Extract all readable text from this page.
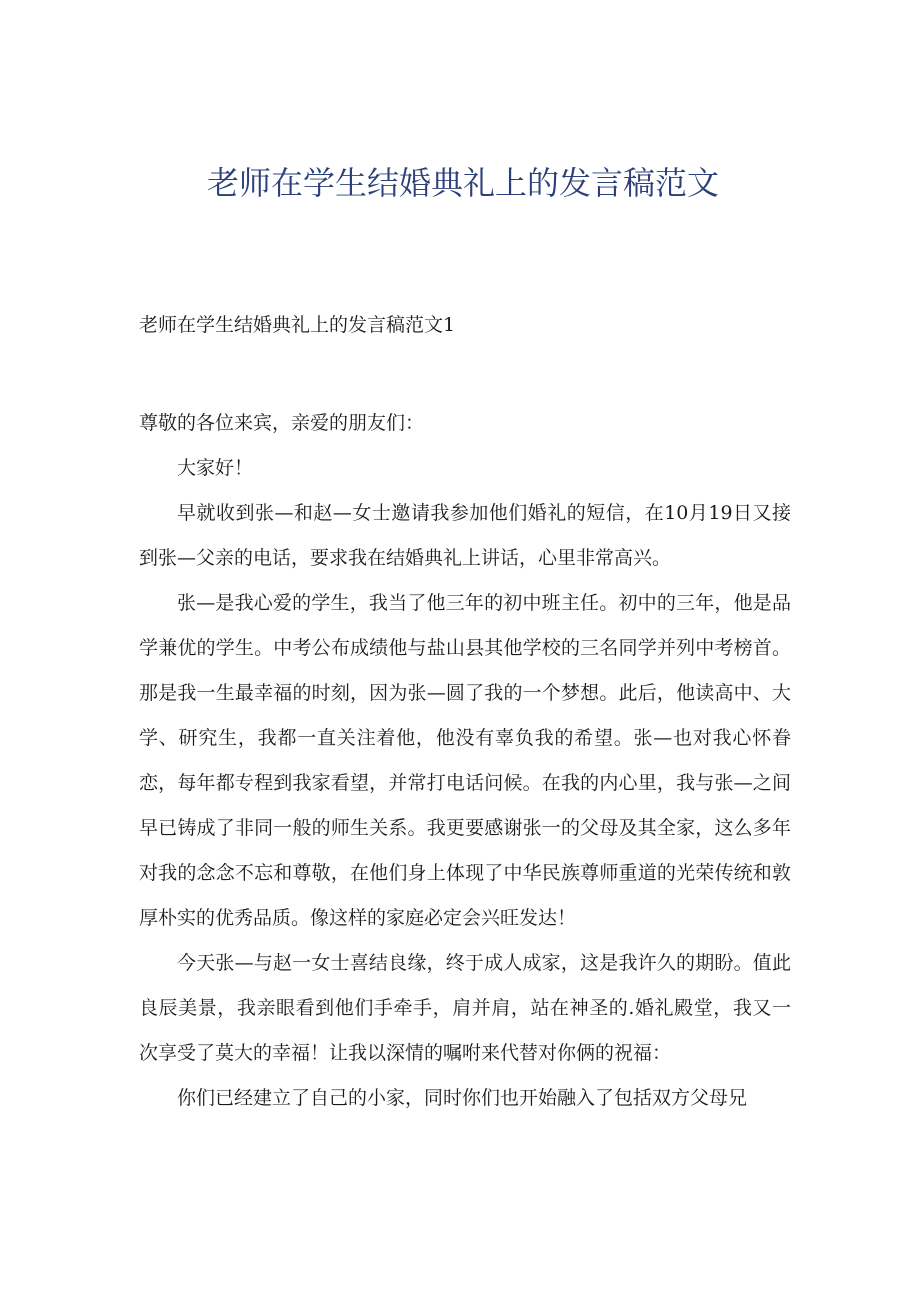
老师在学生结婚典礼上的发言稿范文
老师在学生结婚典礼上的发言稿范文1

尊敬的各位来宾，亲爱的朋友们：

大家好！

早就收到张—和赵—女士邀请我参加他们婚礼的短信，在10月19日又接到张—父亲的电话，要求我在结婚典礼上讲话，心里非常高兴。

张—是我心爱的学生，我当了他三年的初中班主任。初中的三年，他是品学兼优的学生。中考公布成绩他与盐山县其他学校的三名同学并列中考榜首。那是我一生最幸福的时刻，因为张—圆了我的一个梦想。此后，他读高中、大学、研究生，我都一直关注着他，他没有辜负我的希望。张—也对我心怀眷恋，每年都专程到我家看望，并常打电话问候。在我的内心里，我与张—之间早已铸成了非同一般的师生关系。我更要感谢张一的父母及其全家，这么多年对我的念念不忘和尊敬，在他们身上体现了中华民族尊师重道的光荣传统和敦厚朴实的优秀品质。像这样的家庭必定会兴旺发达！

今天张—与赵一女士喜结良缘，终于成人成家，这是我许久的期盼。值此良辰美景，我亲眼看到他们手牵手，肩并肩，站在神圣的.婚礼殿堂，我又一次享受了莫大的幸福！让我以深情的嘱咐来代替对你俩的祝福：

你们已经建立了自己的小家，同时你们也开始融入了包括双方父母兄
